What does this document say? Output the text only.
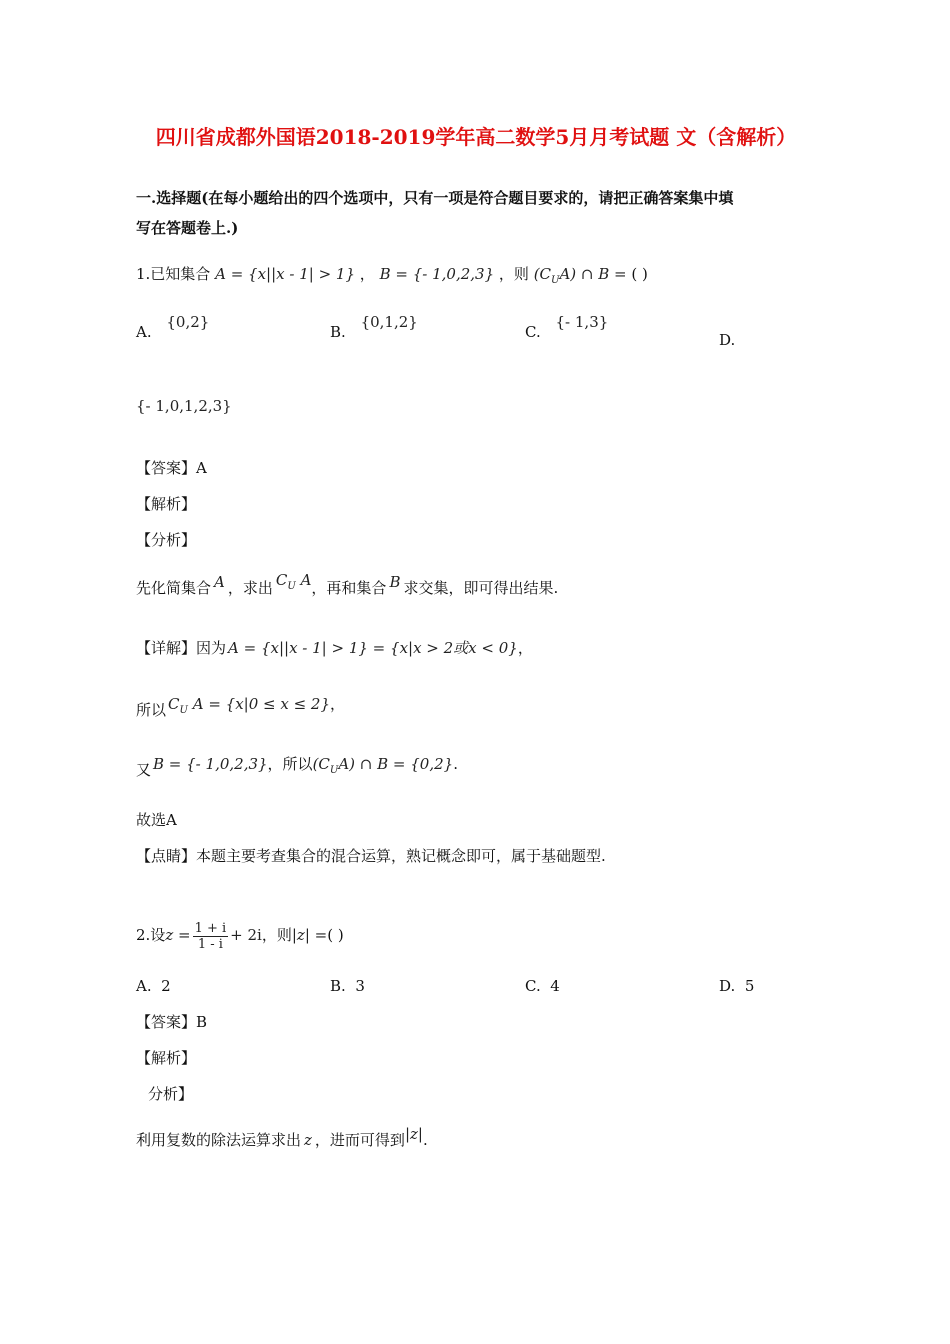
四川省成都外国语2018-2019学年高二数学5月月考试题 文（含解析）
一.选择题(在每小题给出的四个选项中，只有一项是符合题目要求的，请把正确答案集中填
写在答题卷上.)
1.已知集合 A = {x||x - 1| > 1} ， B = {- 1,0,2,3} ，则 $(C_UA)$ ∩ B = ( )
A. {0,2}
B. {0,1,2}
C. {- 1,3}
D.
{- 1,0,1,2,3}
【答案】A
【解析】
【分析】
先化简集合 A ，求出 $C_U$ A，再和集合 B 求交集，即可得出结果.
【详解】因为 A = {x||x - 1| > 1} = {x|x > 2或x < 0}，
所以 $C_U$ A = {x|0 ≤ x ≤ 2}，
又 B = {- 1,0,2,3}，所以$(C_UA)$ ∩ B = {0,2}.
故选A
【点睛】本题主要考查集合的混合运算，熟记概念即可，属于基础题型.
2.设$z = \frac{1 + i}{1 - i} + 2i$，则|z| =( )
A. 2	B. 3	C. 4	D. 5
【答案】B
【解析】
分析】
利用复数的除法运算求出 z ，进而可得到|z|.
